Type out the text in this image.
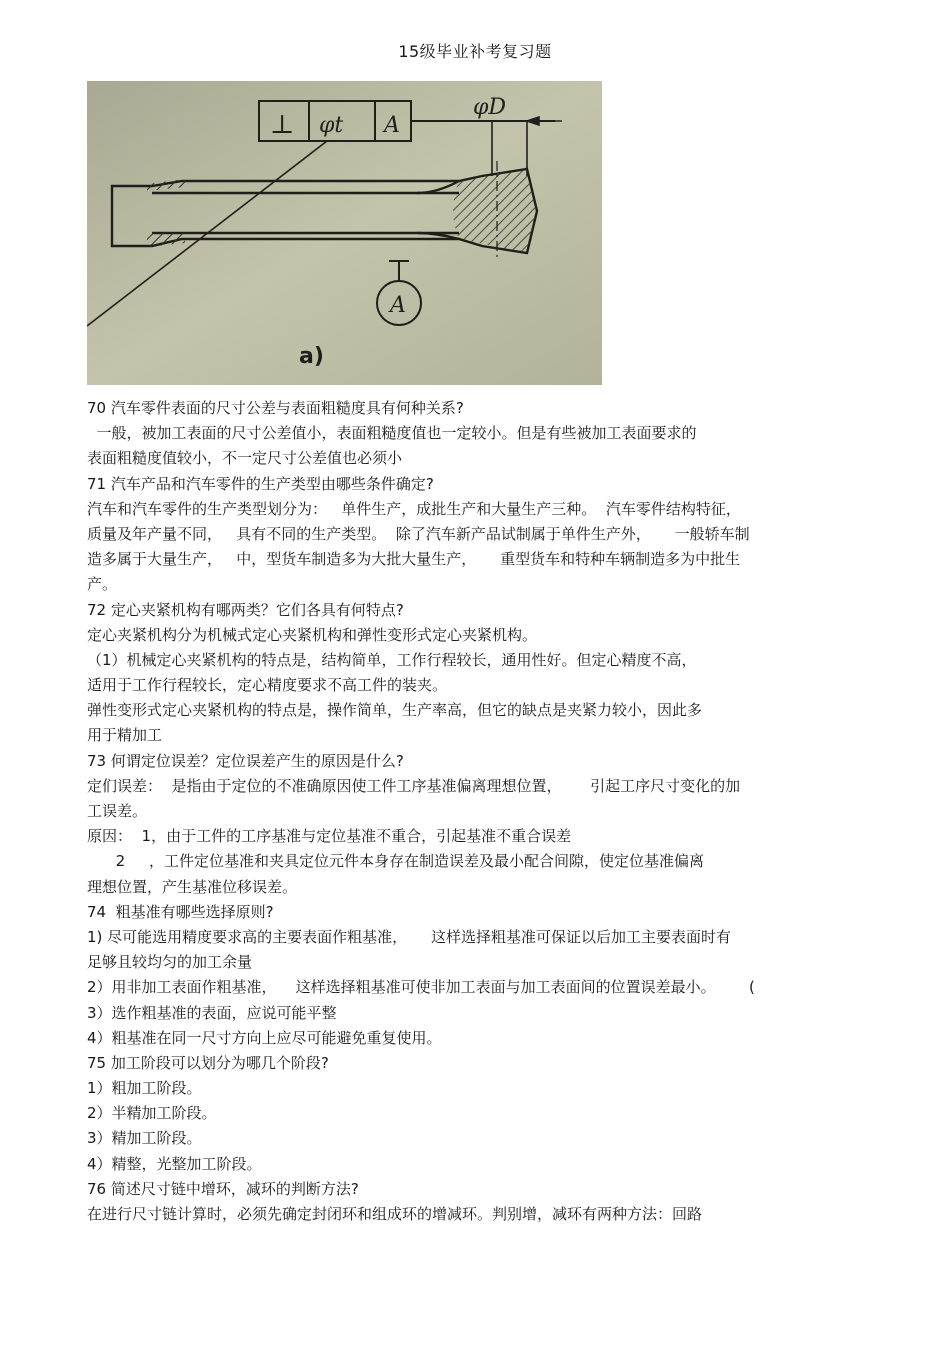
15级毕业补考复习题
⊥ φt A
φD
A
a)
70 汽车零件表面的尺寸公差与表面粗糙度具有何种关系?
一般，被加工表面的尺寸公差值小，表面粗糙度值也一定较小。但是有些被加工表面要求的
表面粗糙度值较小，不一定尺寸公差值也必须小
71 汽车产品和汽车零件的生产类型由哪些条件确定?
汽车和汽车零件的生产类型划分为：   单件生产，成批生产和大量生产三种。  汽车零件结构特征，
质量及年产量不同，   具有不同的生产类型。  除了汽车新产品试制属于单件生产外，     一般轿车制
造多属于大量生产，   中，型货车制造多为大批大量生产，     重型货车和特种车辆制造多为中批生
产。
72 定心夹紧机构有哪两类？它们各具有何特点?
定心夹紧机构分为机械式定心夹紧机构和弹性变形式定心夹紧机构。
（1）机械定心夹紧机构的特点是，结构简单，工作行程较长，通用性好。但定心精度不高，
适用于工作行程较长，定心精度要求不高工件的装夹。
弹性变形式定心夹紧机构的特点是，操作简单，生产率高，但它的缺点是夹紧力较小，因此多
用于精加工
73 何谓定位误差？定位误差产生的原因是什么?
定们误差：  是指由于定位的不准确原因使工件工序基准偏离理想位置，      引起工序尺寸变化的加
工误差。
原因：  1，由于工件的工序基准与定位基准不重合，引起基准不重合误差
2     ，工件定位基准和夹具定位元件本身存在制造误差及最小配合间隙，使定位基准偏离
理想位置，产生基准位移误差。
74  粗基准有哪些选择原则?
1) 尽可能选用精度要求高的主要表面作粗基准，     这样选择粗基准可保证以后加工主要表面时有
足够且较均匀的加工余量
2）用非加工表面作粗基准，    这样选择粗基准可使非加工表面与加工表面间的位置误差最小。       (
3）选作粗基准的表面，应说可能平整
4）粗基准在同一尺寸方向上应尽可能避免重复使用。
75 加工阶段可以划分为哪几个阶段?
1）粗加工阶段。
2）半精加工阶段。
3）精加工阶段。
4）精整，光整加工阶段。
76 简述尺寸链中增环，减环的判断方法?
在进行尺寸链计算时，必须先确定封闭环和组成环的增减环。判别增，减环有两种方法：回路
